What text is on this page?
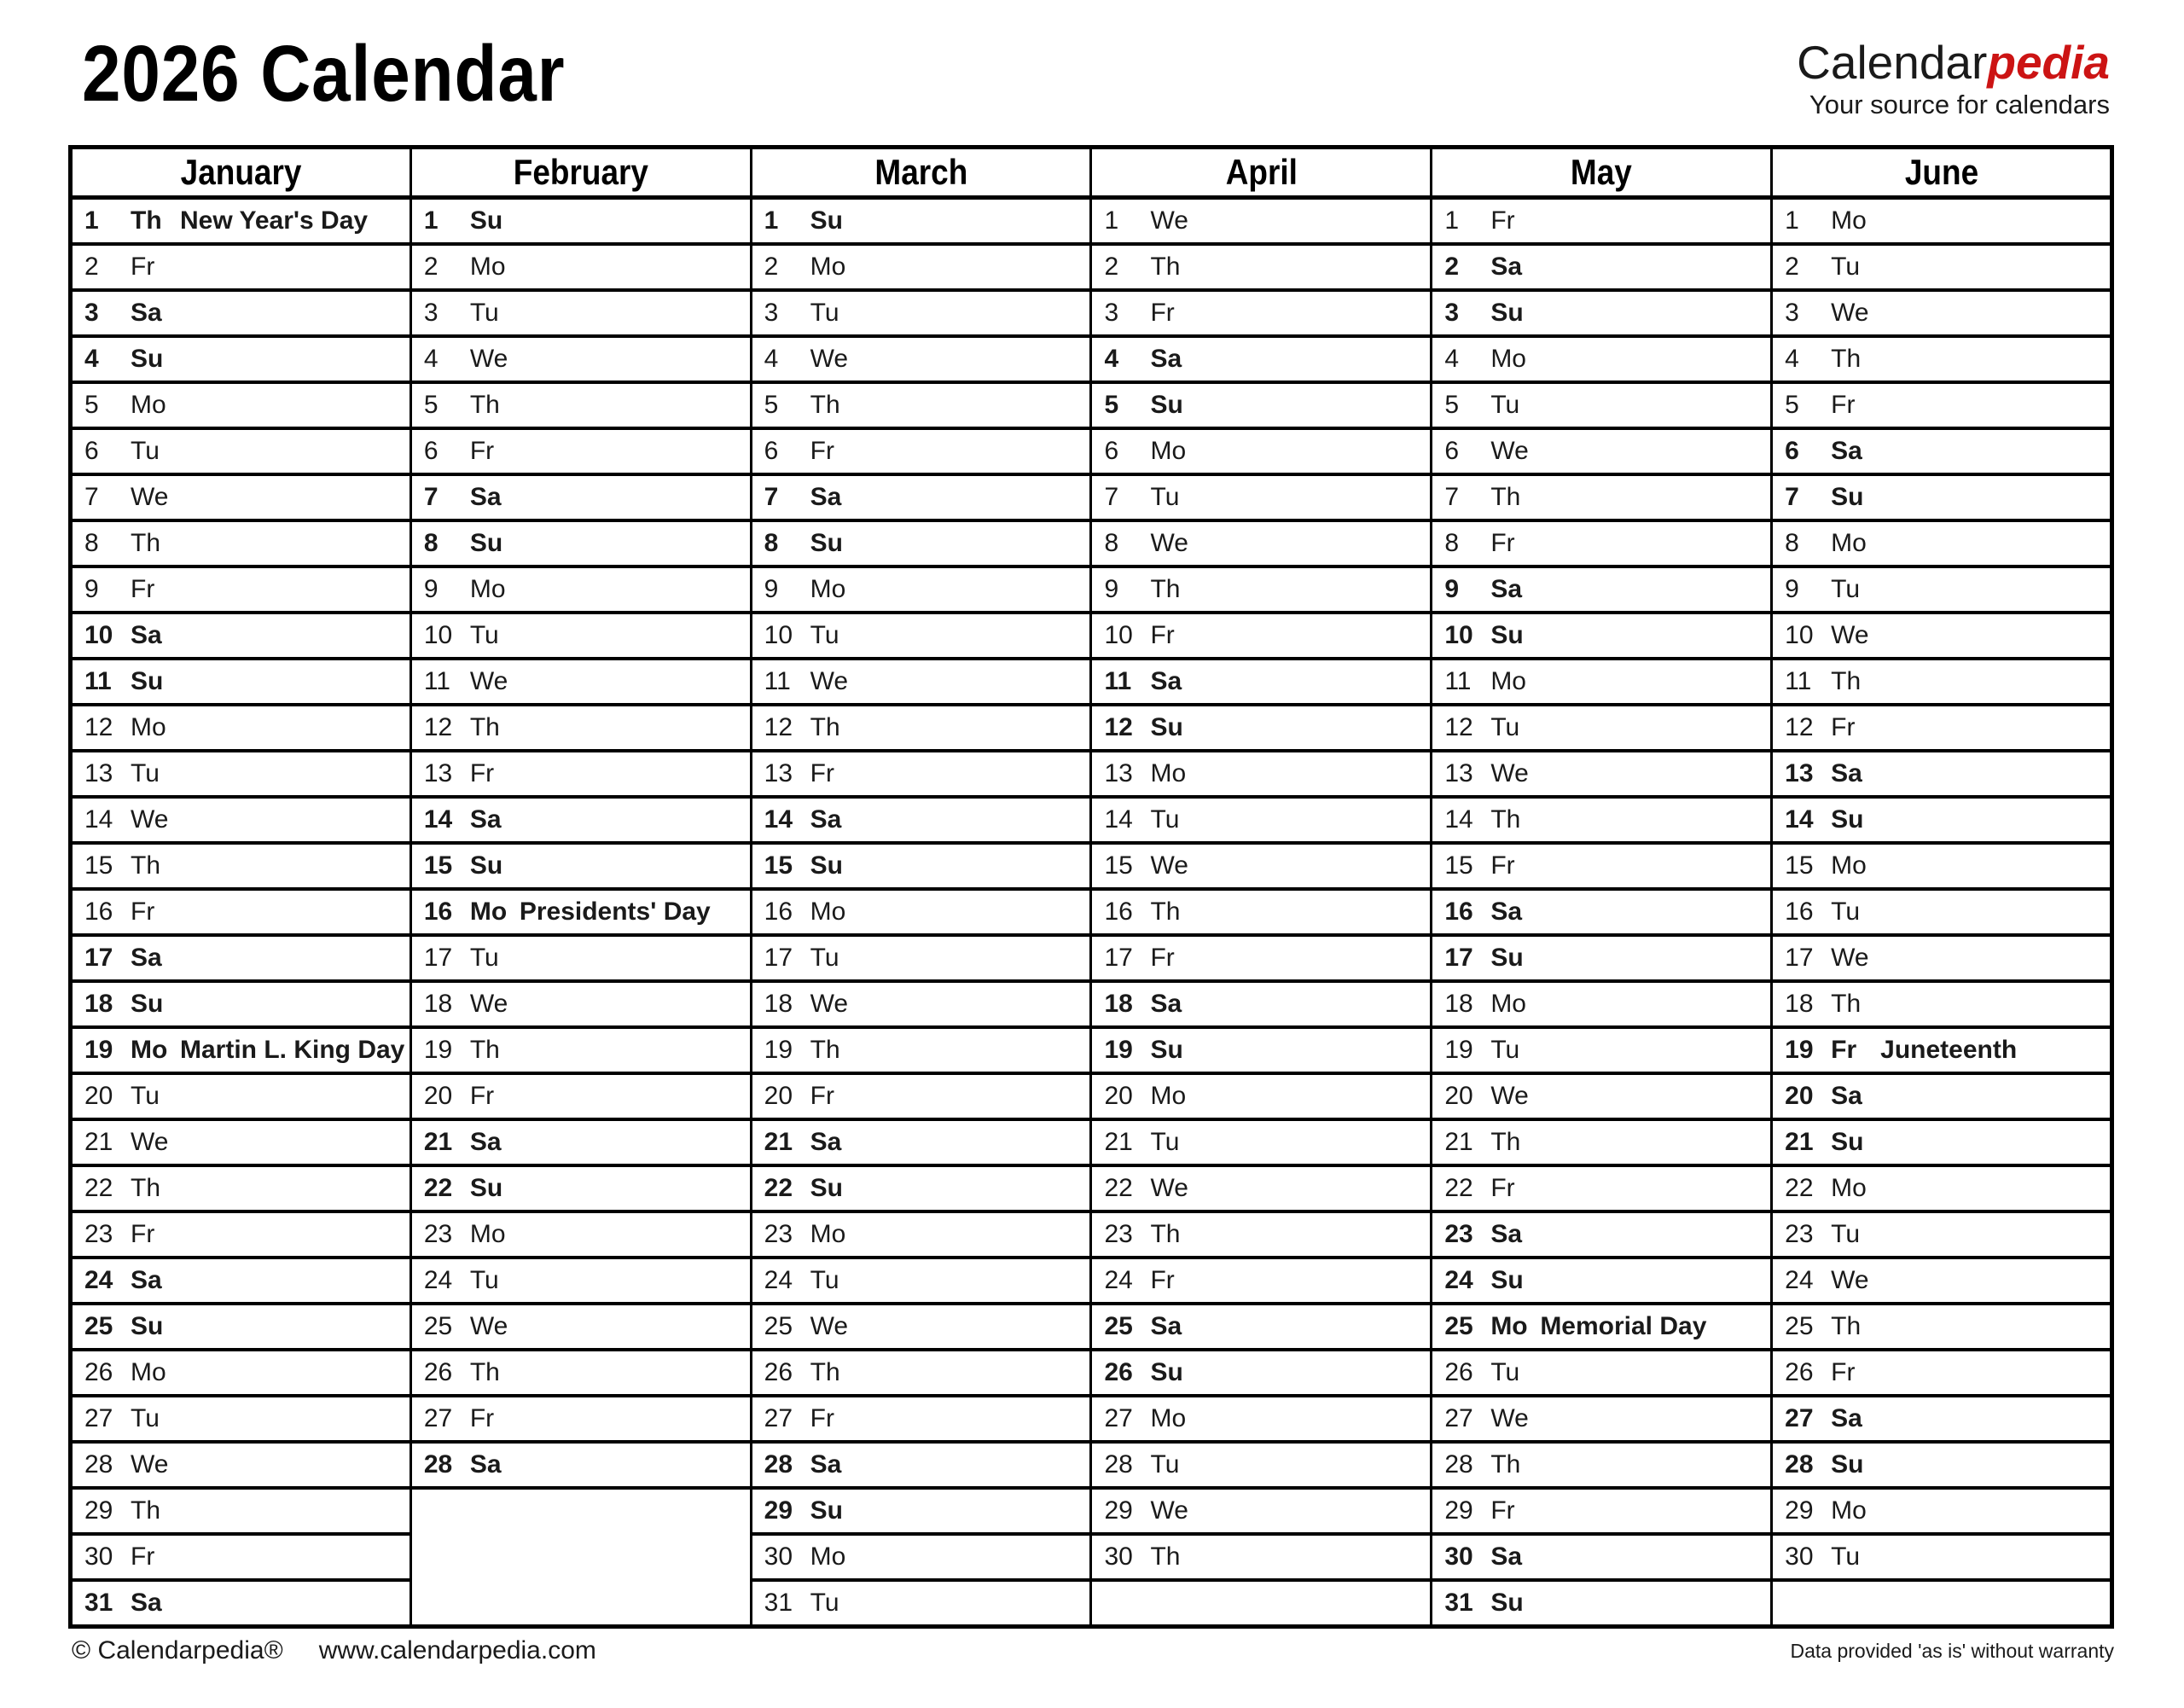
2026 Calendar	Calendarpedia
Your source for calendars
January	February	March	April	May	June
1 Th New Year's Day	1 Su	1 Su	1 We	1 Fr	1 Mo
2 Fr	2 Mo	2 Mo	2 Th	2 Sa	2 Tu
3 Sa	3 Tu	3 Tu	3 Fr	3 Su	3 We
4 Su	4 We	4 We	4 Sa	4 Mo	4 Th
5 Mo	5 Th	5 Th	5 Su	5 Tu	5 Fr
6 Tu	6 Fr	6 Fr	6 Mo	6 We	6 Sa
7 We	7 Sa	7 Sa	7 Tu	7 Th	7 Su
8 Th	8 Su	8 Su	8 We	8 Fr	8 Mo
9 Fr	9 Mo	9 Mo	9 Th	9 Sa	9 Tu
10 Sa	10 Tu	10 Tu	10 Fr	10 Su	10 We
11 Su	11 We	11 We	11 Sa	11 Mo	11 Th
12 Mo	12 Th	12 Th	12 Su	12 Tu	12 Fr
13 Tu	13 Fr	13 Fr	13 Mo	13 We	13 Sa
14 We	14 Sa	14 Sa	14 Tu	14 Th	14 Su
15 Th	15 Su	15 Su	15 We	15 Fr	15 Mo
16 Fr	16 Mo Presidents' Day	16 Mo	16 Th	16 Sa	16 Tu
17 Sa	17 Tu	17 Tu	17 Fr	17 Su	17 We
18 Su	18 We	18 We	18 Sa	18 Mo	18 Th
19 Mo Martin L. King Day	19 Th	19 Th	19 Su	19 Tu	19 Fr Juneteenth
20 Tu	20 Fr	20 Fr	20 Mo	20 We	20 Sa
21 We	21 Sa	21 Sa	21 Tu	21 Th	21 Su
22 Th	22 Su	22 Su	22 We	22 Fr	22 Mo
23 Fr	23 Mo	23 Mo	23 Th	23 Sa	23 Tu
24 Sa	24 Tu	24 Tu	24 Fr	24 Su	24 We
25 Su	25 We	25 We	25 Sa	25 Mo Memorial Day	25 Th
26 Mo	26 Th	26 Th	26 Su	26 Tu	26 Fr
27 Tu	27 Fr	27 Fr	27 Mo	27 We	27 Sa
28 We	28 Sa	28 Sa	28 Tu	28 Th	28 Su
29 Th		29 Su	29 We	29 Fr	29 Mo
30 Fr		30 Mo	30 Th	30 Sa	30 Tu
31 Sa		31 Tu		31 Su	
© Calendarpedia® www.calendarpedia.com	Data provided 'as is' without warranty
